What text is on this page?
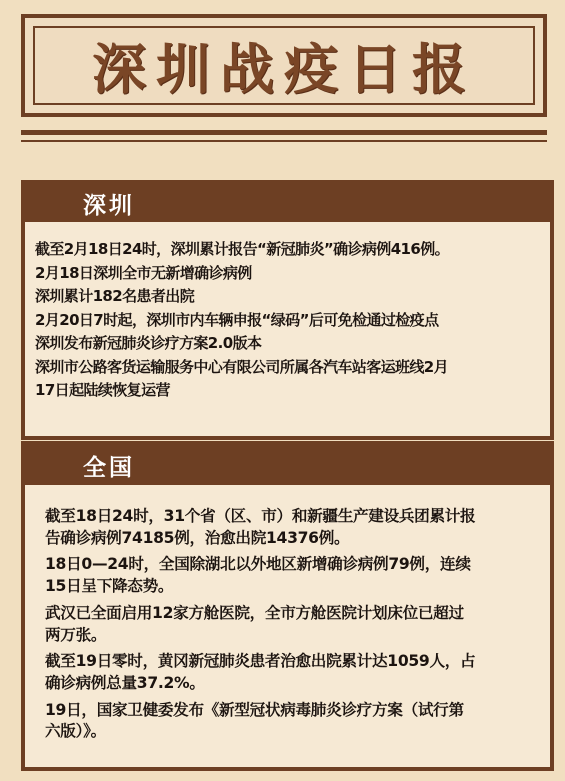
深圳战疫日报
深圳
截至2月18日24时，深圳累计报告“新冠肺炎”确诊病例416例。
2月18日深圳全市无新增确诊病例
深圳累计182名患者出院
2月20日7时起，深圳市内车辆申报“绿码”后可免检通过检疫点
深圳发布新冠肺炎诊疗方案2.0版本
深圳市公路客货运输服务中心有限公司所属各汽车站客运班线2月
17日起陆续恢复运营
全国
截至18日24时，31个省（区、市）和新疆生产建设兵团累计报
告确诊病例74185例，治愈出院14376例。
18日0—24时，全国除湖北以外地区新增确诊病例79例，连续
15日呈下降态势。
武汉已全面启用12家方舱医院，全市方舱医院计划床位已超过
两万张。
截至19日零时，黄冈新冠肺炎患者治愈出院累计达1059人，占
确诊病例总量37.2%。
19日，国家卫健委发布《新型冠状病毒肺炎诊疗方案（试行第
六版）》。
